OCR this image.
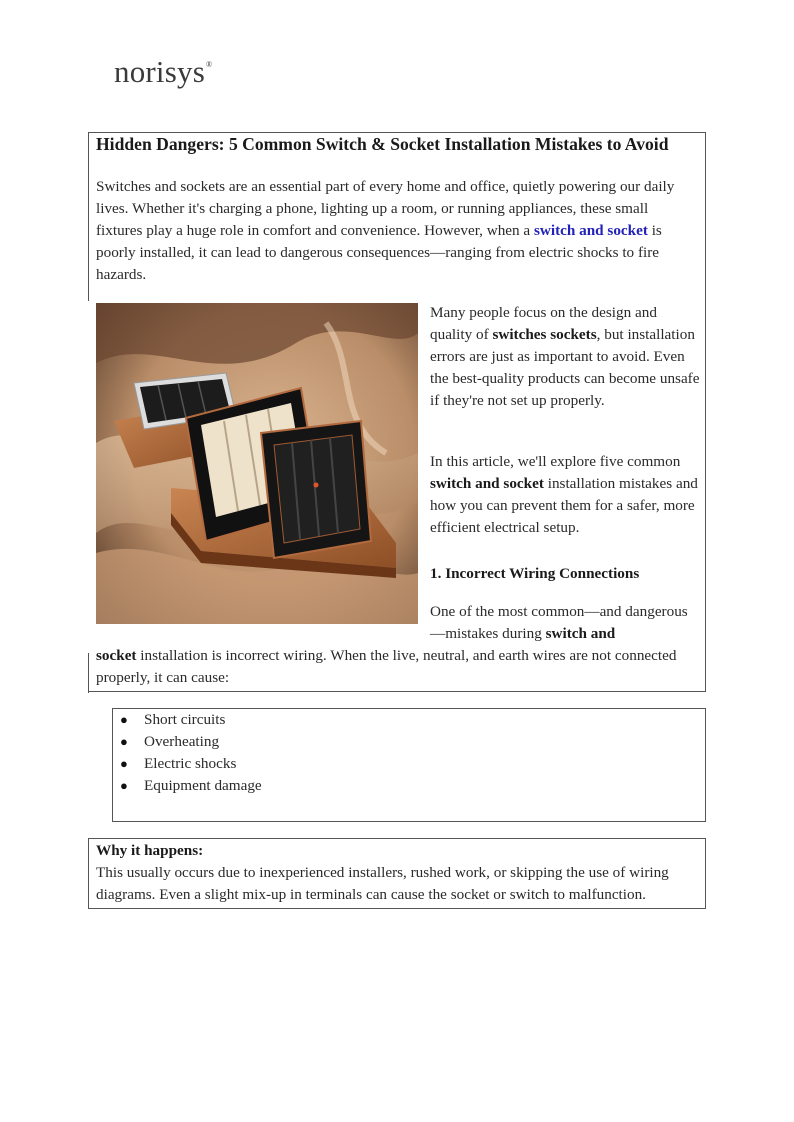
norisys®
Hidden Dangers: 5 Common Switch & Socket Installation Mistakes to Avoid

Switches and sockets are an essential part of every home and office, quietly powering our daily lives. Whether it's charging a phone, lighting up a room, or running appliances, these small fixtures play a huge role in comfort and convenience. However, when a switch and socket is poorly installed, it can lead to dangerous consequences—ranging from electric shocks to fire hazards.

Many people focus on the design and quality of switches sockets, but installation errors are just as important to avoid. Even the best-quality products can become unsafe if they're not set up properly.

In this article, we'll explore five common switch and socket installation mistakes and how you can prevent them for a safer, more efficient electrical setup.

1. Incorrect Wiring Connections

One of the most common—and dangerous—mistakes during switch and

socket installation is incorrect wiring. When the live, neutral, and earth wires are not connected properly, it can cause:

● Short circuits
● Overheating
● Electric shocks
● Equipment damage
Why it happens:

This usually occurs due to inexperienced installers, rushed work, or skipping the use of wiring diagrams. Even a slight mix-up in terminals can cause the socket or switch to malfunction.
